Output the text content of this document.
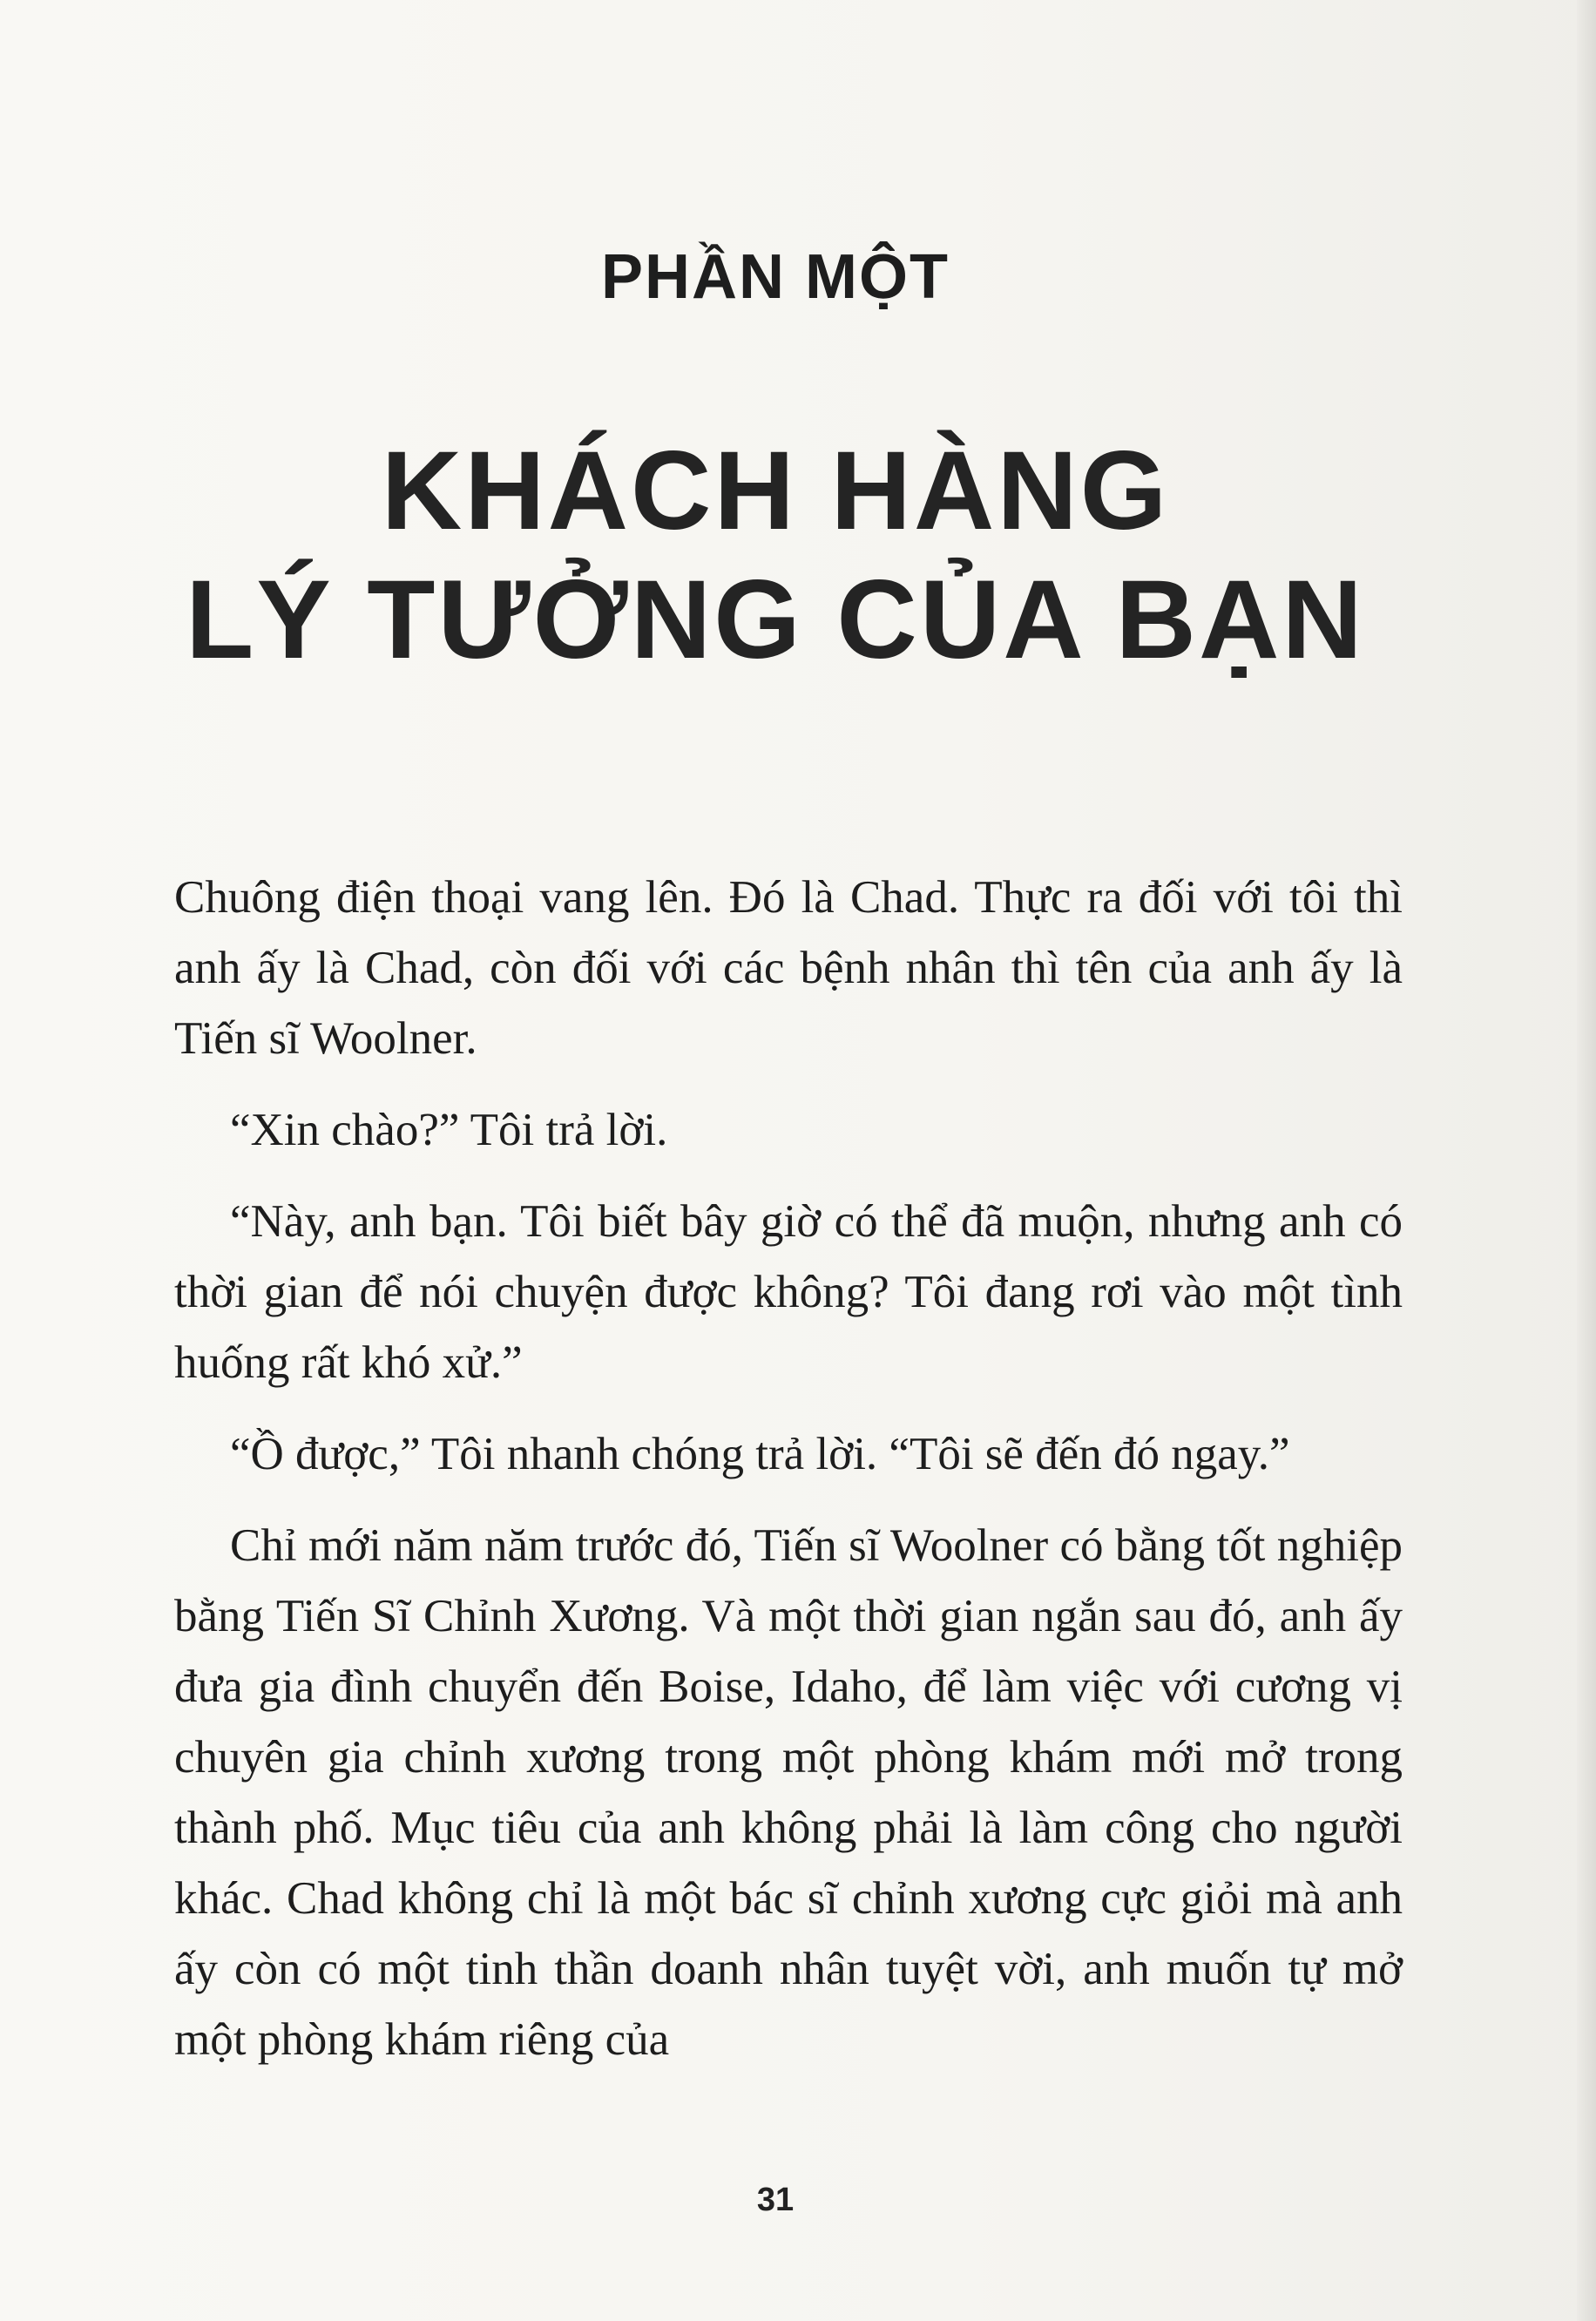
PHẦN MỘT
KHÁCH HÀNG
LÝ TƯỞNG CỦA BẠN

Chuông điện thoại vang lên. Đó là Chad. Thực ra đối với tôi thì anh ấy là Chad, còn đối với các bệnh nhân thì tên của anh ấy là Tiến sĩ Woolner.

“Xin chào?” Tôi trả lời.

“Này, anh bạn. Tôi biết bây giờ có thể đã muộn, nhưng anh có thời gian để nói chuyện được không? Tôi đang rơi vào một tình huống rất khó xử.”

“Ồ được,” Tôi nhanh chóng trả lời. “Tôi sẽ đến đó ngay.”

Chỉ mới năm năm trước đó, Tiến sĩ Woolner có bằng tốt nghiệp bằng Tiến Sĩ Chỉnh Xương. Và một thời gian ngắn sau đó, anh ấy đưa gia đình chuyển đến Boise, Idaho, để làm việc với cương vị chuyên gia chỉnh xương trong một phòng khám mới mở trong thành phố. Mục tiêu của anh không phải là làm công cho người khác. Chad không chỉ là một bác sĩ chỉnh xương cực giỏi mà anh ấy còn có một tinh thần doanh nhân tuyệt vời, anh muốn tự mở một phòng khám riêng của

31
